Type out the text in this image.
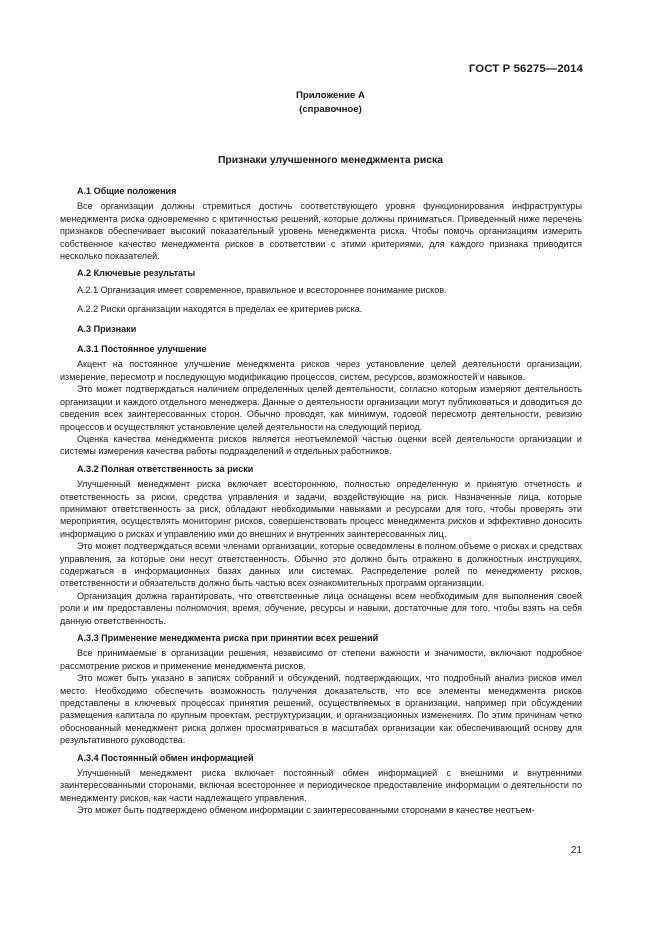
ГОСТ Р 56275—2014
Приложение А
(справочное)
Признаки улучшенного менеджмента риска
А.1 Общие положения

Все организации должны стремиться достичь соответствующего уровня функционирования инфраструктуры менеджмента риска одновременно с критичностью решений, которые должны приниматься. Приведенный ниже перечень признаков обеспечивает высокий показательный уровень менеджмента риска. Чтобы помочь организациям измерить собственное качество менеджмента рисков в соответствии с этими критериями, для каждого признака приводится несколько показателей.

А.2 Ключевые результаты
А.2.1 Организация имеет современное, правильное и всестороннее понимание рисков.
А.2.2 Риски организации находятся в пределах ее критериев риска.
А.3 Признаки
А.3.1 Постоянное улучшение

Акцент на постоянное улучшение менеджмента рисков через установление целей деятельности организации, измерение, пересмотр и последующую модификацию процессов, систем, ресурсов, возможностей и навыков.

Это может подтверждаться наличием определенных целей деятельности, согласно которым измеряют деятельность организации и каждого отдельного менеджера. Данные о деятельности организации могут публиковаться и доводиться до сведения всех заинтересованных сторон. Обычно проводят, как минимум, годовой пересмотр деятельности, ревизию процессов и осуществляют установление целей деятельности на следующий период.

Оценка качества менеджмента рисков является неотъемлемой частью оценки всей деятельности организации и системы измерения качества работы подразделений и отдельных работников.

А.3.2 Полная ответственность за риски

Улучшенный менеджмент риска включает всестороннюю, полностью определенную и принятую отчетность и ответственность за риски, средства управления и задачи, воздействующие на риск. Назначенные лица, которые принимают ответственность за риск, обладают необходимыми навыками и ресурсами для того, чтобы проверять эти мероприятия, осуществлять мониторинг рисков, совершенствовать процесс менеджмента рисков и эффективно доносить информацию о рисках и управлению ими до внешних и внутренних заинтересованных лиц.

Это может подтверждаться всеми членами организации, которые осведомлены в полном объеме о рисках и средствах управления, за которые они несут ответственность. Обычно это должно быть отражено в должностных инструкциях, содержаться в информационных базах данных или системах. Распределение ролей по менеджменту рисков, ответственности и обязательств должно быть частью всех ознакомительных программ организации.

Организация должна гарантировать, что ответственные лица оснащены всем необходимым для выполнения своей роли и им предоставлены полномочия, время, обучение, ресурсы и навыки, достаточные для того, чтобы взять на себя данную ответственность.

А.3.3 Применение менеджмента риска при принятии всех решений

Все принимаемые в организации решения, независимо от степени важности и значимости, включают подробное рассмотрение рисков и применение менеджмента рисков.

Это может быть указано в записях собраний и обсуждений, подтверждающих, что подробный анализ рисков имел место. Необходимо обеспечить возможность получения доказательств, что все элементы менеджмента рисков представлены в ключевых процессах принятия решений, осуществляемых в организации, например при обсуждении размещения капитала по крупным проектам, реструктуризации, и организационных изменениях. По этим причинам четко обоснованный менеджмент риска должен просматриваться в масштабах организации как обеспечивающий основу для результативного руководства.

А.3.4 Постоянный обмен информацией

Улучшенный менеджмент риска включает постоянный обмен информацией с внешними и внутренними заинтересованными сторонами, включая всестороннее и периодическое предоставление информации о деятельности по менеджменту рисков, как части надлежащего управления.

Это может быть подтверждено обменом информации с заинтересованными сторонами в качестве неотъем-

21
